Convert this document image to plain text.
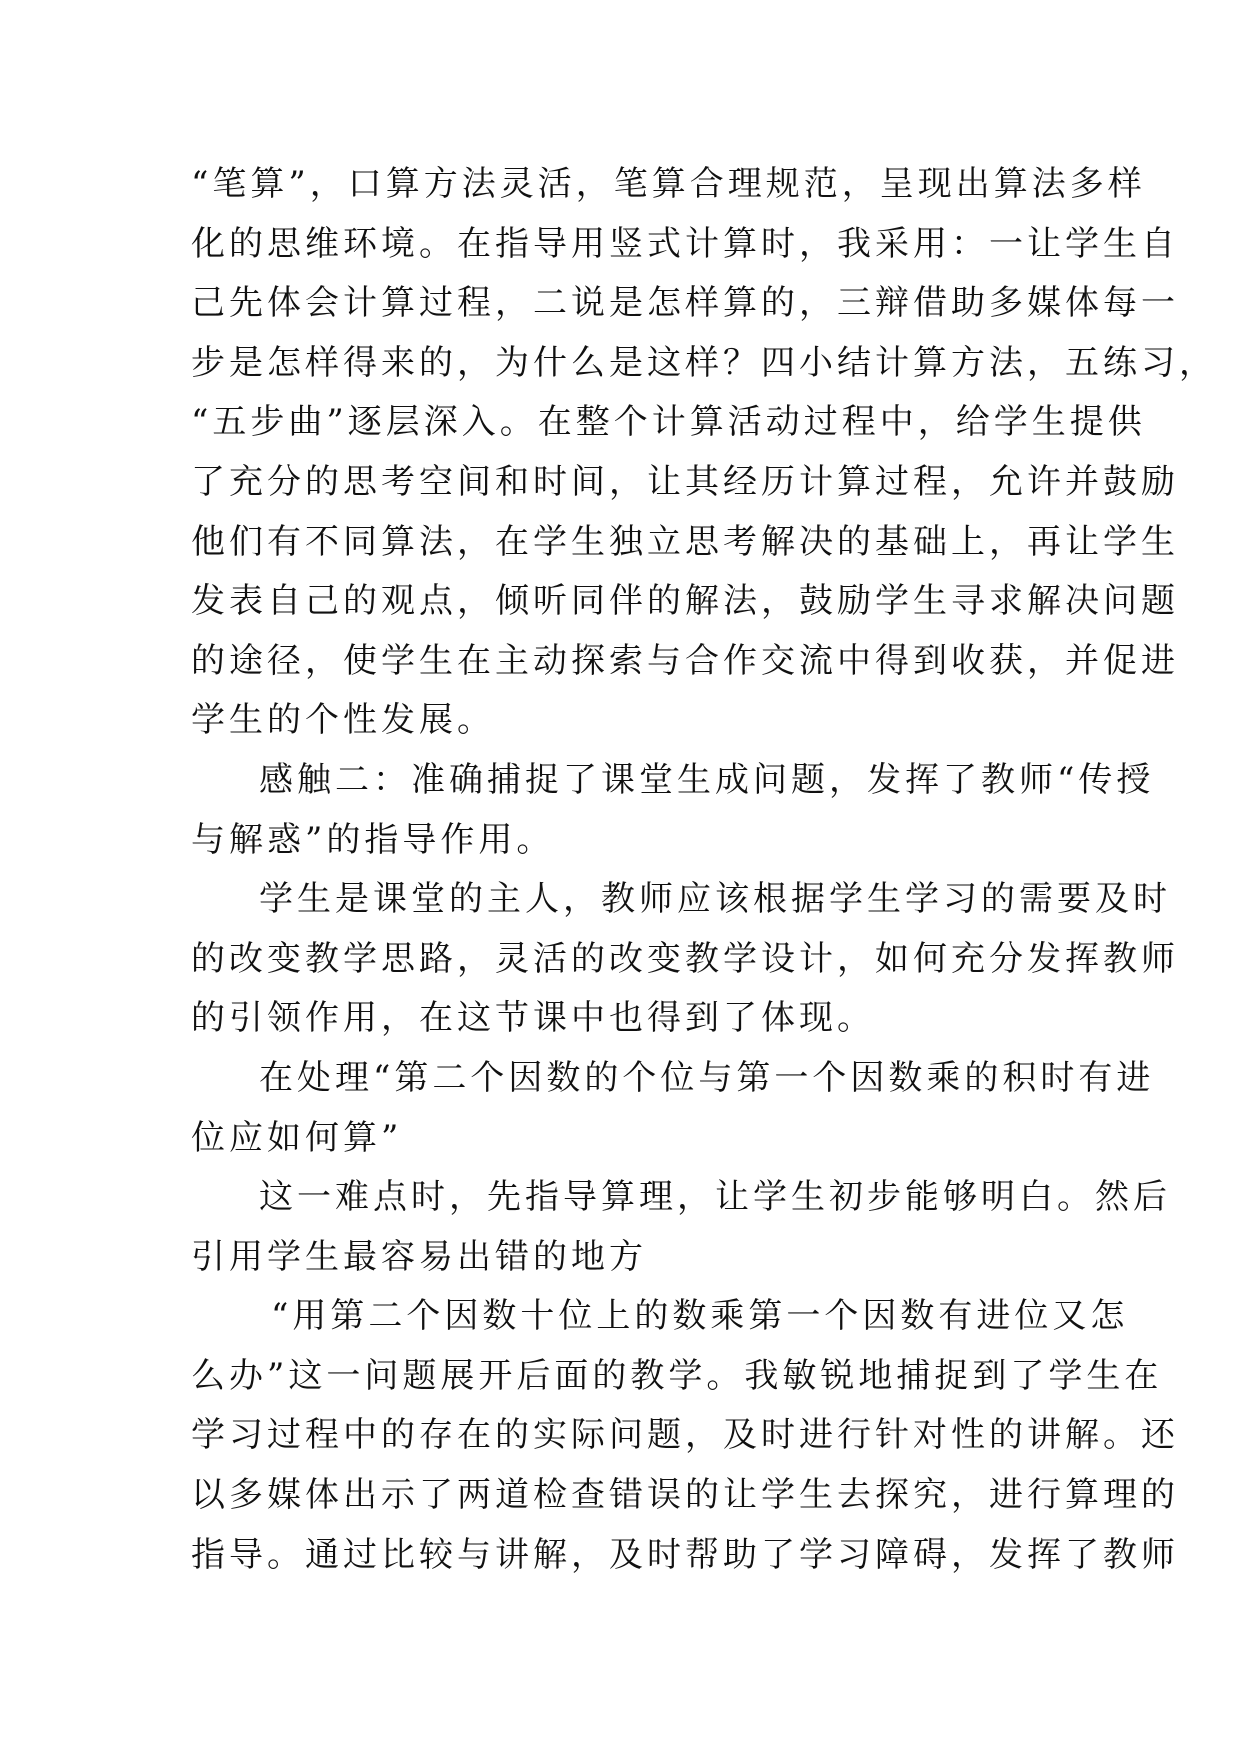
“笔算”，口算方法灵活，笔算合理规范，呈现出算法多样
化的思维环境。在指导用竖式计算时，我采用：一让学生自
己先体会计算过程，二说是怎样算的，三辩借助多媒体每一
步是怎样得来的，为什么是这样？四小结计算方法，五练习，
“五步曲”逐层深入。在整个计算活动过程中，给学生提供
了充分的思考空间和时间，让其经历计算过程，允许并鼓励
他们有不同算法，在学生独立思考解决的基础上，再让学生
发表自己的观点，倾听同伴的解法，鼓励学生寻求解决问题
的途径，使学生在主动探索与合作交流中得到收获，并促进
学生的个性发展。
感触二：准确捕捉了课堂生成问题，发挥了教师“传授
与解惑”的指导作用。
学生是课堂的主人，教师应该根据学生学习的需要及时
的改变教学思路，灵活的改变教学设计，如何充分发挥教师
的引领作用，在这节课中也得到了体现。
在处理“第二个因数的个位与第一个因数乘的积时有进
位应如何算”
这一难点时，先指导算理，让学生初步能够明白。然后
引用学生最容易出错的地方
“用第二个因数十位上的数乘第一个因数有进位又怎
么办”这一问题展开后面的教学。我敏锐地捕捉到了学生在
学习过程中的存在的实际问题，及时进行针对性的讲解。还
以多媒体出示了两道检查错误的让学生去探究，进行算理的
指导。通过比较与讲解，及时帮助了学习障碍，发挥了教师
